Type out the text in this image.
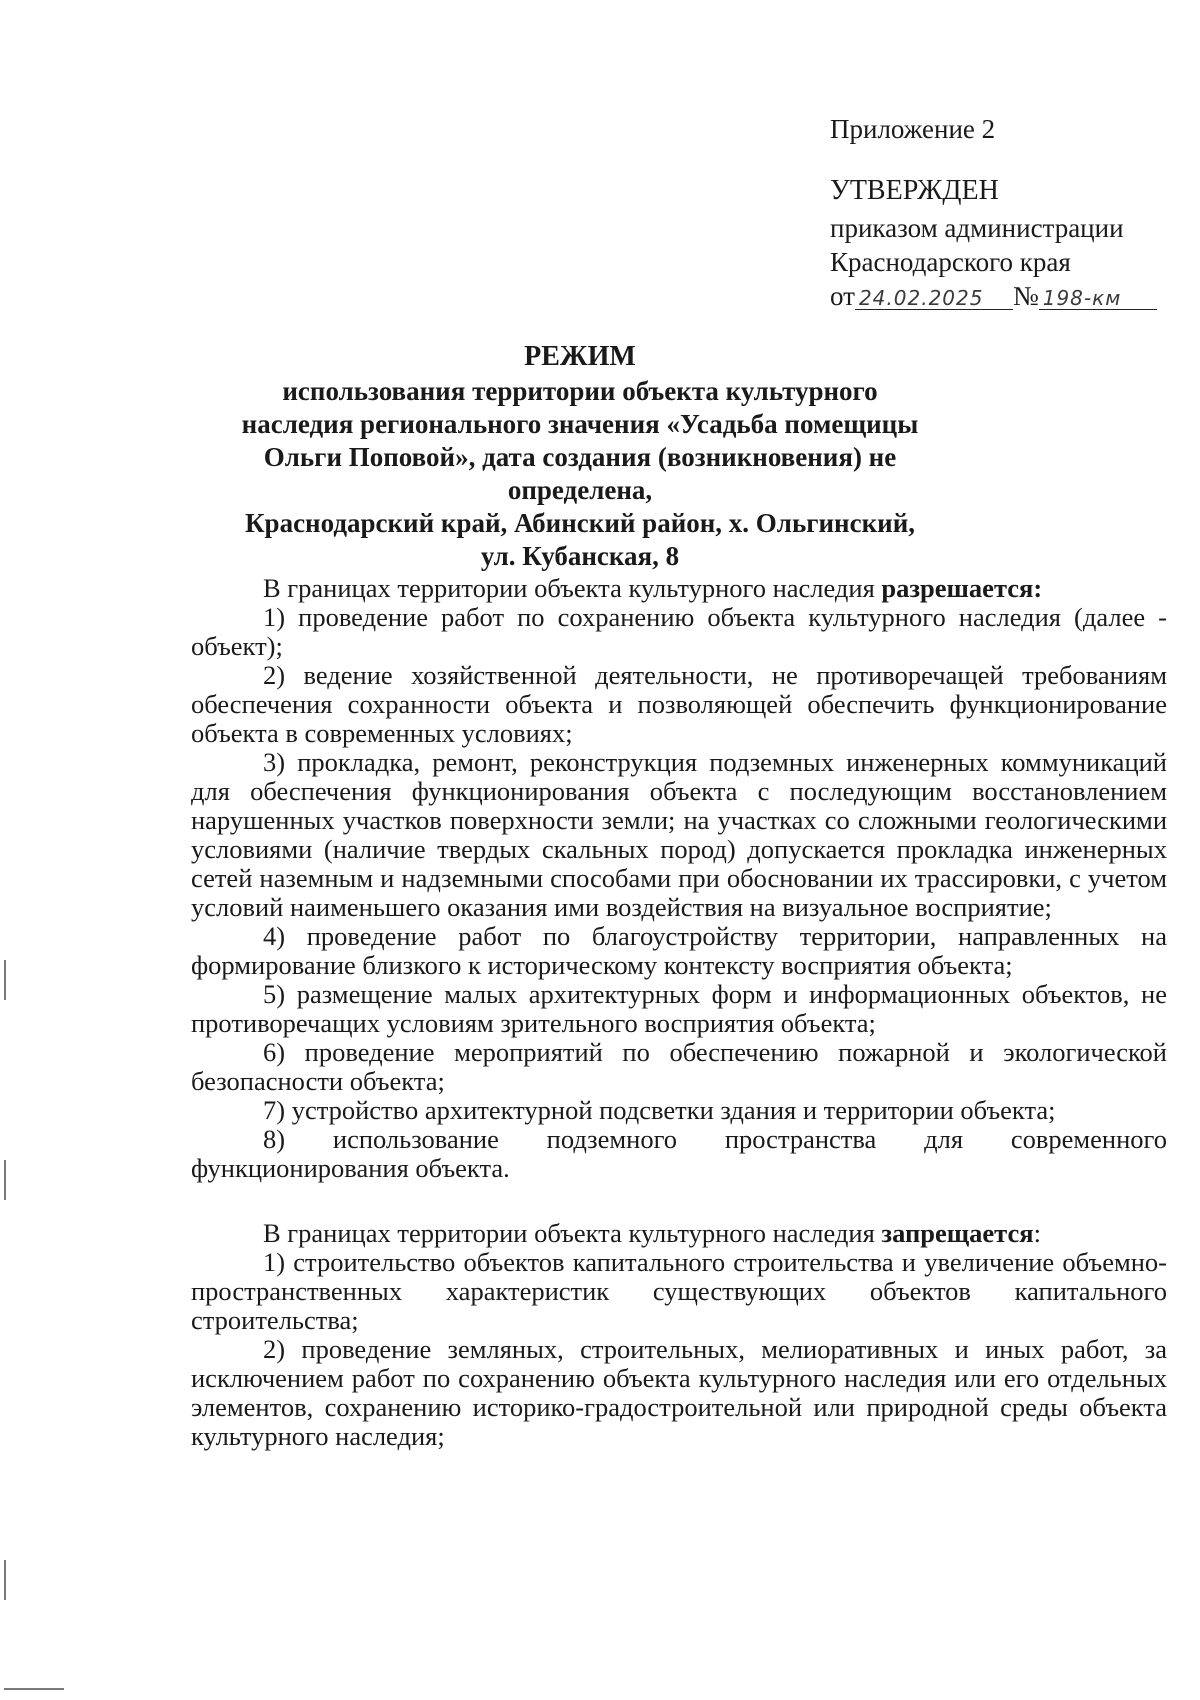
Приложение 2
УТВЕРЖДЕН
приказом администрации
Краснодарского края
от 24.02.2025 № 198-км
РЕЖИМ
использования территории объекта культурного
наследия регионального значения «Усадьба помещицы
Ольги Поповой», дата создания (возникновения) не определена,
Краснодарский край, Абинский район, х. Ольгинский,
ул. Кубанская, 8

В границах территории объекта культурного наследия разрешается:

1) проведение работ по сохранению объекта культурного наследия (далее - объект);

2) ведение хозяйственной деятельности, не противоречащей требованиям обеспечения сохранности объекта и позволяющей обеспечить функционирование объекта в современных условиях;

3) прокладка, ремонт, реконструкция подземных инженерных коммуникаций для обеспечения функционирования объекта с последующим восстановлением нарушенных участков поверхности земли; на участках со сложными геологическими условиями (наличие твердых скальных пород) допускается прокладка инженерных сетей наземным и надземными способами при обосновании их трассировки, с учетом условий наименьшего оказания ими воздействия на визуальное восприятие;

4) проведение работ по благоустройству территории, направленных на формирование близкого к историческому контексту восприятия объекта;

5) размещение малых архитектурных форм и информационных объектов, не противоречащих условиям зрительного восприятия объекта;

6) проведение мероприятий по обеспечению пожарной и экологической безопасности объекта;

7) устройство архитектурной подсветки здания и территории объекта;

8) использование подземного пространства для современного функционирования объекта.

В границах территории объекта культурного наследия запрещается:

1) строительство объектов капитального строительства и увеличение объемно-пространственных характеристик существующих объектов капитального строительства;

2) проведение земляных, строительных, мелиоративных и иных работ, за исключением работ по сохранению объекта культурного наследия или его отдельных элементов, сохранению историко-градостроительной или природной среды объекта культурного наследия;
